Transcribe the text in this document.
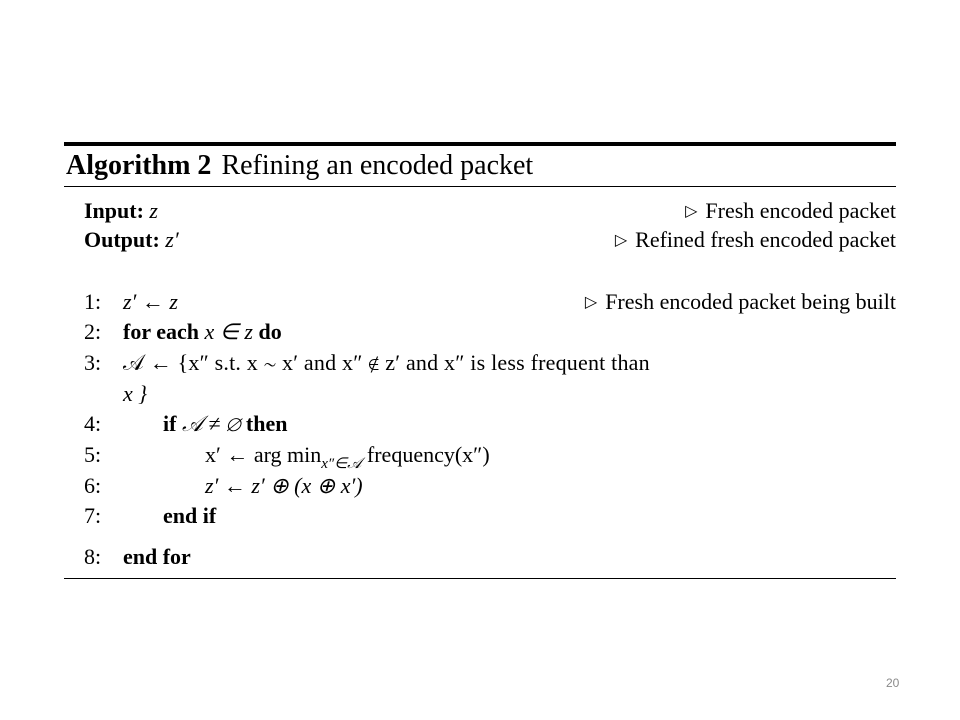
Algorithm 2 Refining an encoded packet
Input: z	▷ Fresh encoded packet
Output: z′	▷ Refined fresh encoded packet
1: z′ ← z	▷ Fresh encoded packet being built
2: for each x ∈ z do
3: 𝒜 ← {x″ s.t. x ∼ x′ and x″ ∉ z′ and x″ is less frequent than
x }
4:	if 𝒜 ≠ ∅ then
5:	x′ ← arg $\min_{x''\in 𝒜}$ frequency(x″)
6:	z′ ← z′ ⊕ (x ⊕ x′)
7:	end if
8: end for
20
